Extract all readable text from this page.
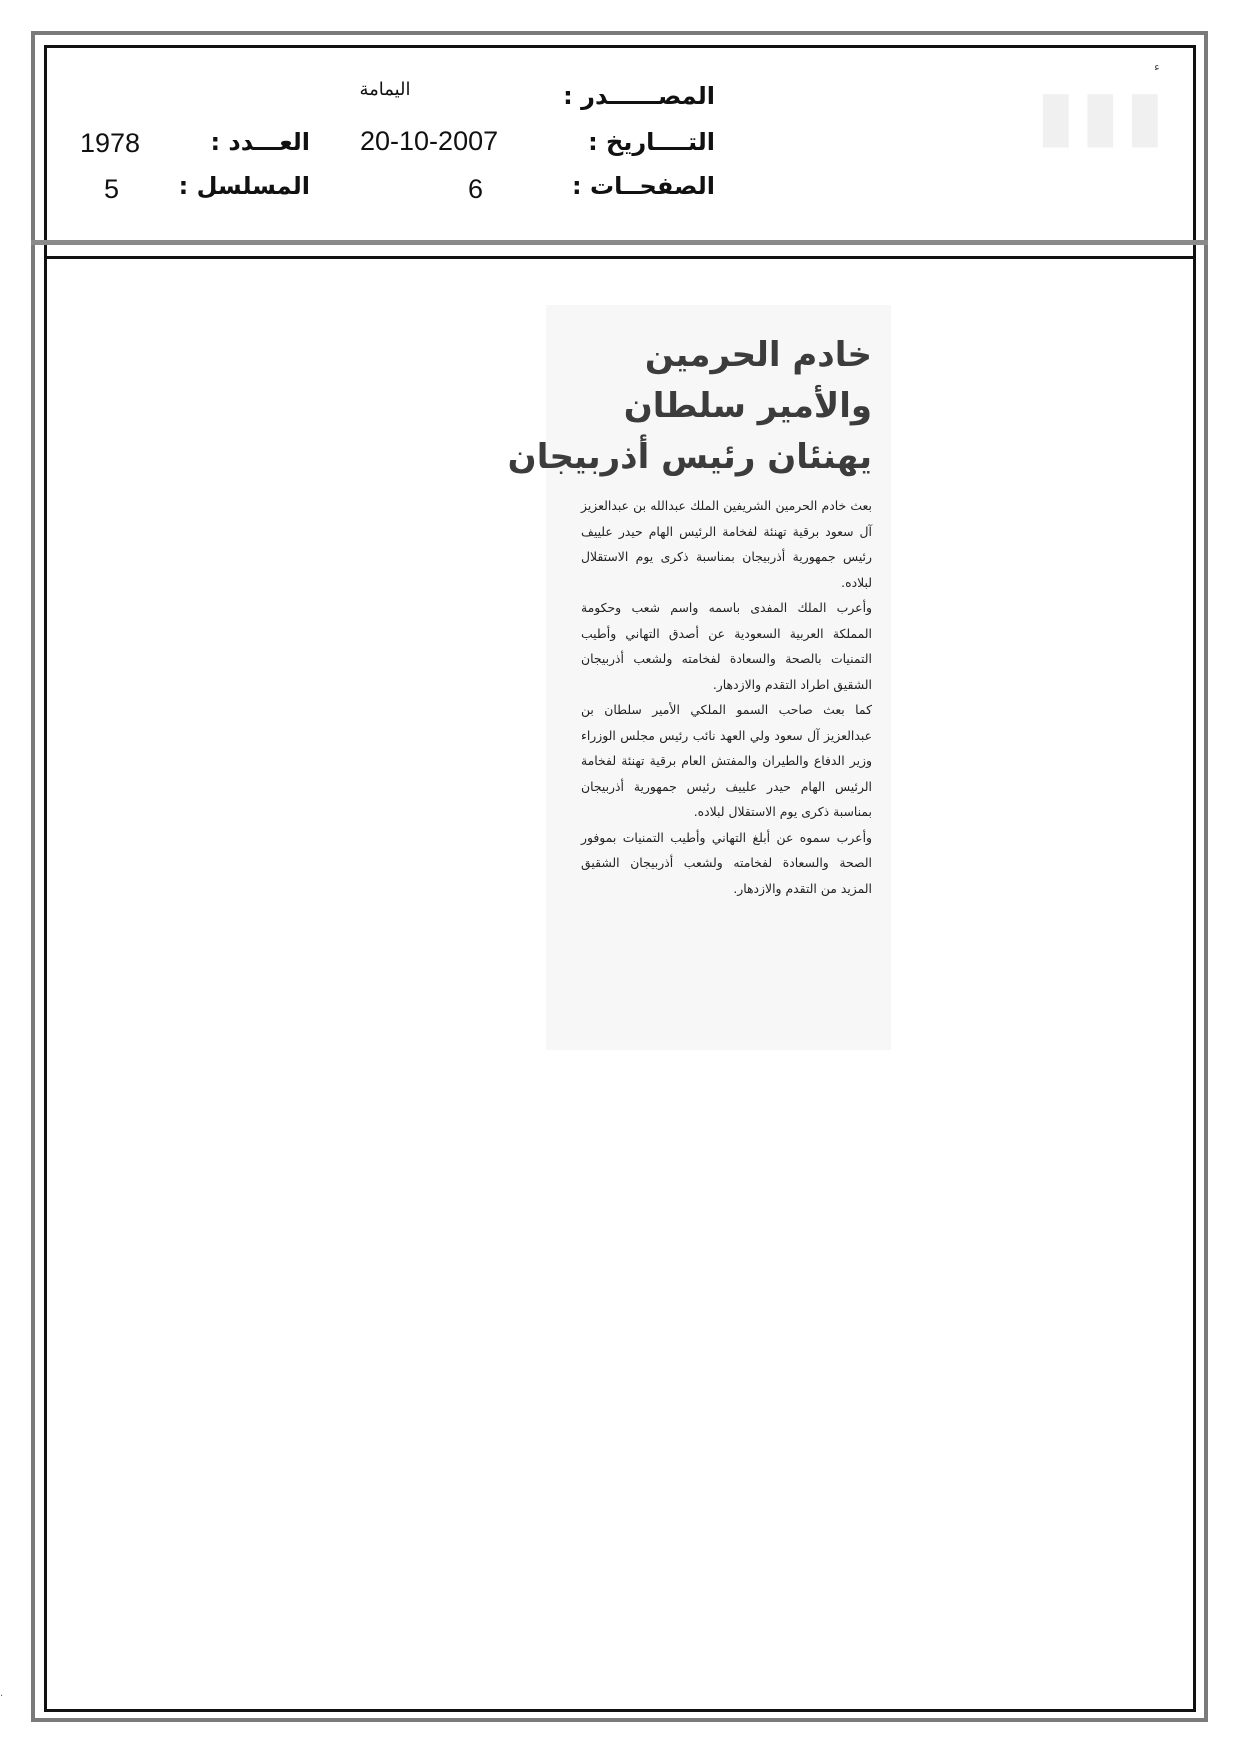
▮▮▮
ء
.
المصــــــدر :
اليمامة
التــــاريخ :
20-10-2007
العـــدد :
1978
الصفحــات :
6
المسلسل :
5
خادم الحرمين
والأمير سلطان
يهنئان رئيس أذربيجان

بعث خادم الحرمين الشريفين الملك عبدالله بن عبدالعزيز آل سعود برقية تهنئة لفخامة الرئيس الهام حيدر علييف رئيس جمهورية أذربيجان بمناسبة ذكرى يوم الاستقلال لبلاده.

وأعرب الملك المفدى باسمه واسم شعب وحكومة المملكة العربية السعودية عن أصدق التهاني وأطيب التمنيات بالصحة والسعادة لفخامته ولشعب أذربيجان الشقيق اطراد التقدم والازدهار.

كما بعث صاحب السمو الملكي الأمير سلطان بن عبدالعزيز آل سعود ولي العهد نائب رئيس مجلس الوزراء وزير الدفاع والطيران والمفتش العام برقية تهنئة لفخامة الرئيس الهام حيدر علييف رئيس جمهورية أذربيجان بمناسبة ذكرى يوم الاستقلال لبلاده.

وأعرب سموه عن أبلغ التهاني وأطيب التمنيات بموفور الصحة والسعادة لفخامته ولشعب أذربيجان الشقيق المزيد من التقدم والازدهار.
